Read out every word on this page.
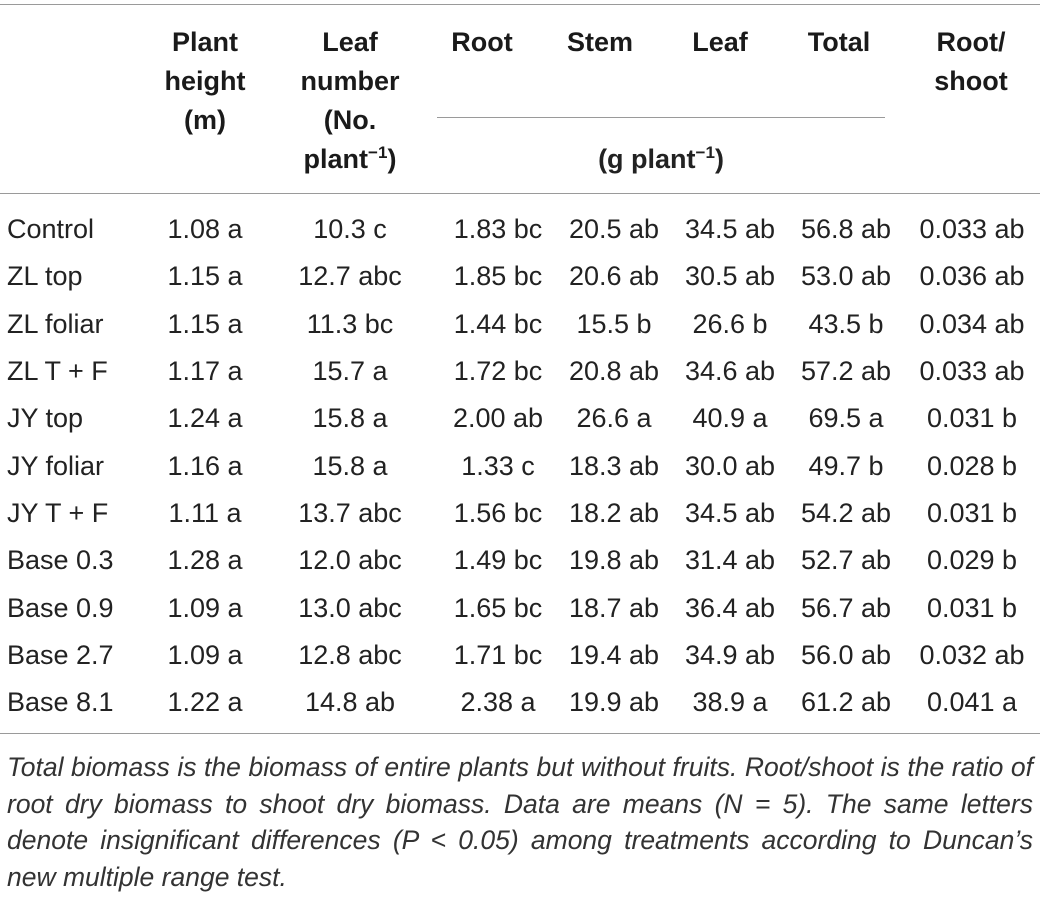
Plant
height
(m)
Leaf
number
(No.
plant$^{-1}$)
Root	Stem	Leaf	Total	Root/
shoot
(g plant$^{-1}$)
Control	1.08 a	10.3 c	1.83 bc	20.5 ab	34.5 ab	56.8 ab	0.033 ab
ZL top	1.15 a	12.7 abc	1.85 bc	20.6 ab	30.5 ab	53.0 ab	0.036 ab
ZL foliar	1.15 a	11.3 bc	1.44 bc	15.5 b	26.6 b	43.5 b	0.034 ab
ZL T + F	1.17 a	15.7 a	1.72 bc	20.8 ab	34.6 ab	57.2 ab	0.033 ab
JY top	1.24 a	15.8 a	2.00 ab	26.6 a	40.9 a	69.5 a	0.031 b
JY foliar	1.16 a	15.8 a	1.33 c	18.3 ab	30.0 ab	49.7 b	0.028 b
JY T + F	1.11 a	13.7 abc	1.56 bc	18.2 ab	34.5 ab	54.2 ab	0.031 b
Base 0.3	1.28 a	12.0 abc	1.49 bc	19.8 ab	31.4 ab	52.7 ab	0.029 b
Base 0.9	1.09 a	13.0 abc	1.65 bc	18.7 ab	36.4 ab	56.7 ab	0.031 b
Base 2.7	1.09 a	12.8 abc	1.71 bc	19.4 ab	34.9 ab	56.0 ab	0.032 ab
Base 8.1	1.22 a	14.8 ab	2.38 a	19.9 ab	38.9 a	61.2 ab	0.041 a
Total biomass is the biomass of entire plants but without fruits. Root/shoot is the ratio of root dry biomass to shoot dry biomass. Data are means (N = 5). The same letters denote insignificant differences (P < 0.05) among treatments according to Duncan’s new multiple range test.
